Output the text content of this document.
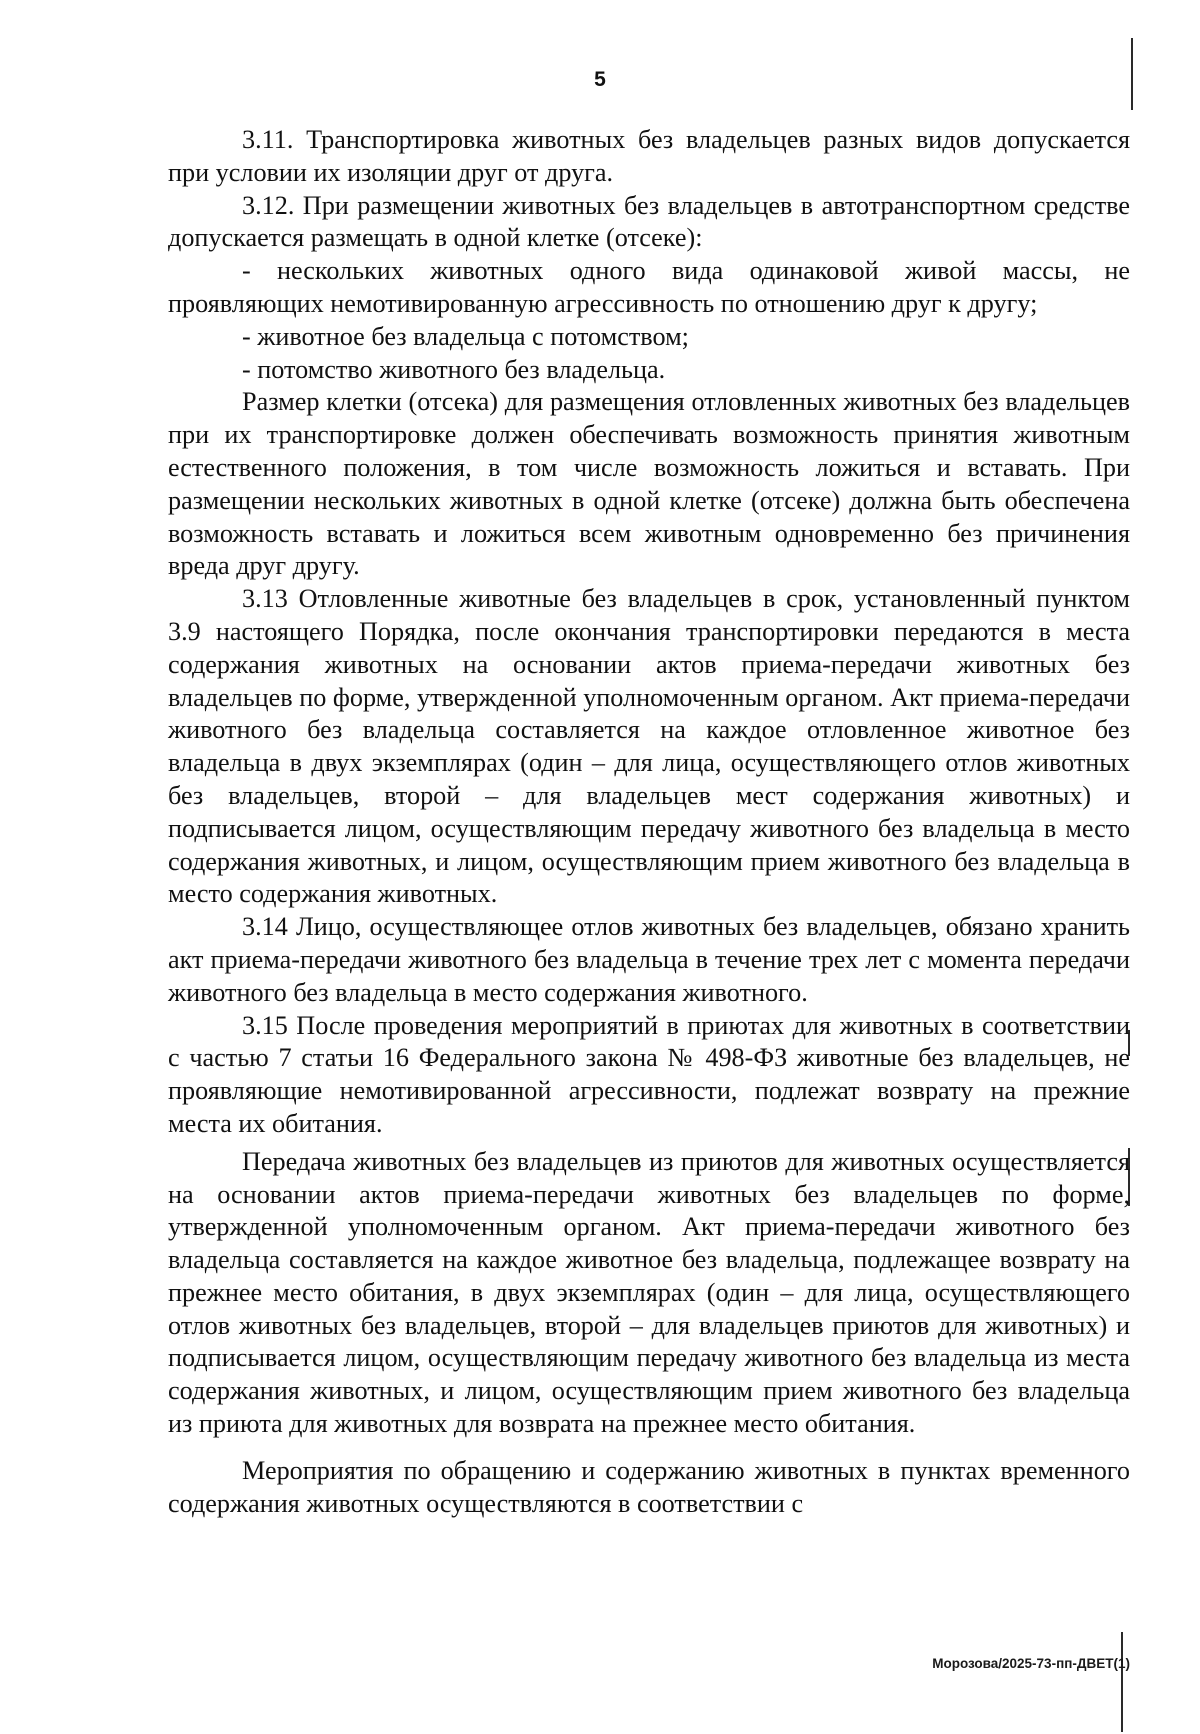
5

3.11. Транспортировка животных без владельцев разных видов допускается при условии их изоляции друг от друга.

3.12. При размещении животных без владельцев в автотранспортном средстве допускается размещать в одной клетке (отсеке):

- нескольких животных одного вида одинаковой живой массы, не проявляющих немотивированную агрессивность по отношению друг к другу;

- животное без владельца с потомством;

- потомство животного без владельца.

Размер клетки (отсека) для размещения отловленных животных без владельцев при их транспортировке должен обеспечивать возможность принятия животным естественного положения, в том числе возможность ложиться и вставать. При размещении нескольких животных в одной клетке (отсеке) должна быть обеспечена возможность вставать и ложиться всем животным одновременно без причинения вреда друг другу.

3.13 Отловленные животные без владельцев в срок, установленный пунктом 3.9 настоящего Порядка, после окончания транспортировки передаются в места содержания животных на основании актов приема-передачи животных без владельцев по форме, утвержденной уполномоченным органом. Акт приема-передачи животного без владельца составляется на каждое отловленное животное без владельца в двух экземплярах (один – для лица, осуществляющего отлов животных без владельцев, второй – для владельцев мест содержания животных) и подписывается лицом, осуществляющим передачу животного без владельца в место содержания животных, и лицом, осуществляющим прием животного без владельца в место содержания животных.

3.14 Лицо, осуществляющее отлов животных без владельцев, обязано хранить акт приема-передачи животного без владельца в течение трех лет с момента передачи животного без владельца в место содержания животного.

3.15 После проведения мероприятий в приютах для животных в соответствии с частью 7 статьи 16 Федерального закона № 498-ФЗ животные без владельцев, не проявляющие немотивированной агрессивности, подлежат возврату на прежние места их обитания.

Передача животных без владельцев из приютов для животных осуществляется на основании актов приема-передачи животных без владельцев по форме, утвержденной уполномоченным органом. Акт приема-передачи животного без владельца составляется на каждое животное без владельца, подлежащее возврату на прежнее место обитания, в двух экземплярах (один – для лица, осуществляющего отлов животных без владельцев, второй – для владельцев приютов для животных) и подписывается лицом, осуществляющим передачу животного без владельца из места содержания животных, и лицом, осуществляющим прием животного без владельца из приюта для животных для возврата на прежнее место обитания.

Мероприятия по обращению и содержанию животных в пунктах временного содержания животных осуществляются в соответствии с

Морозова/2025-73-пп-ДВЕТ(1)
